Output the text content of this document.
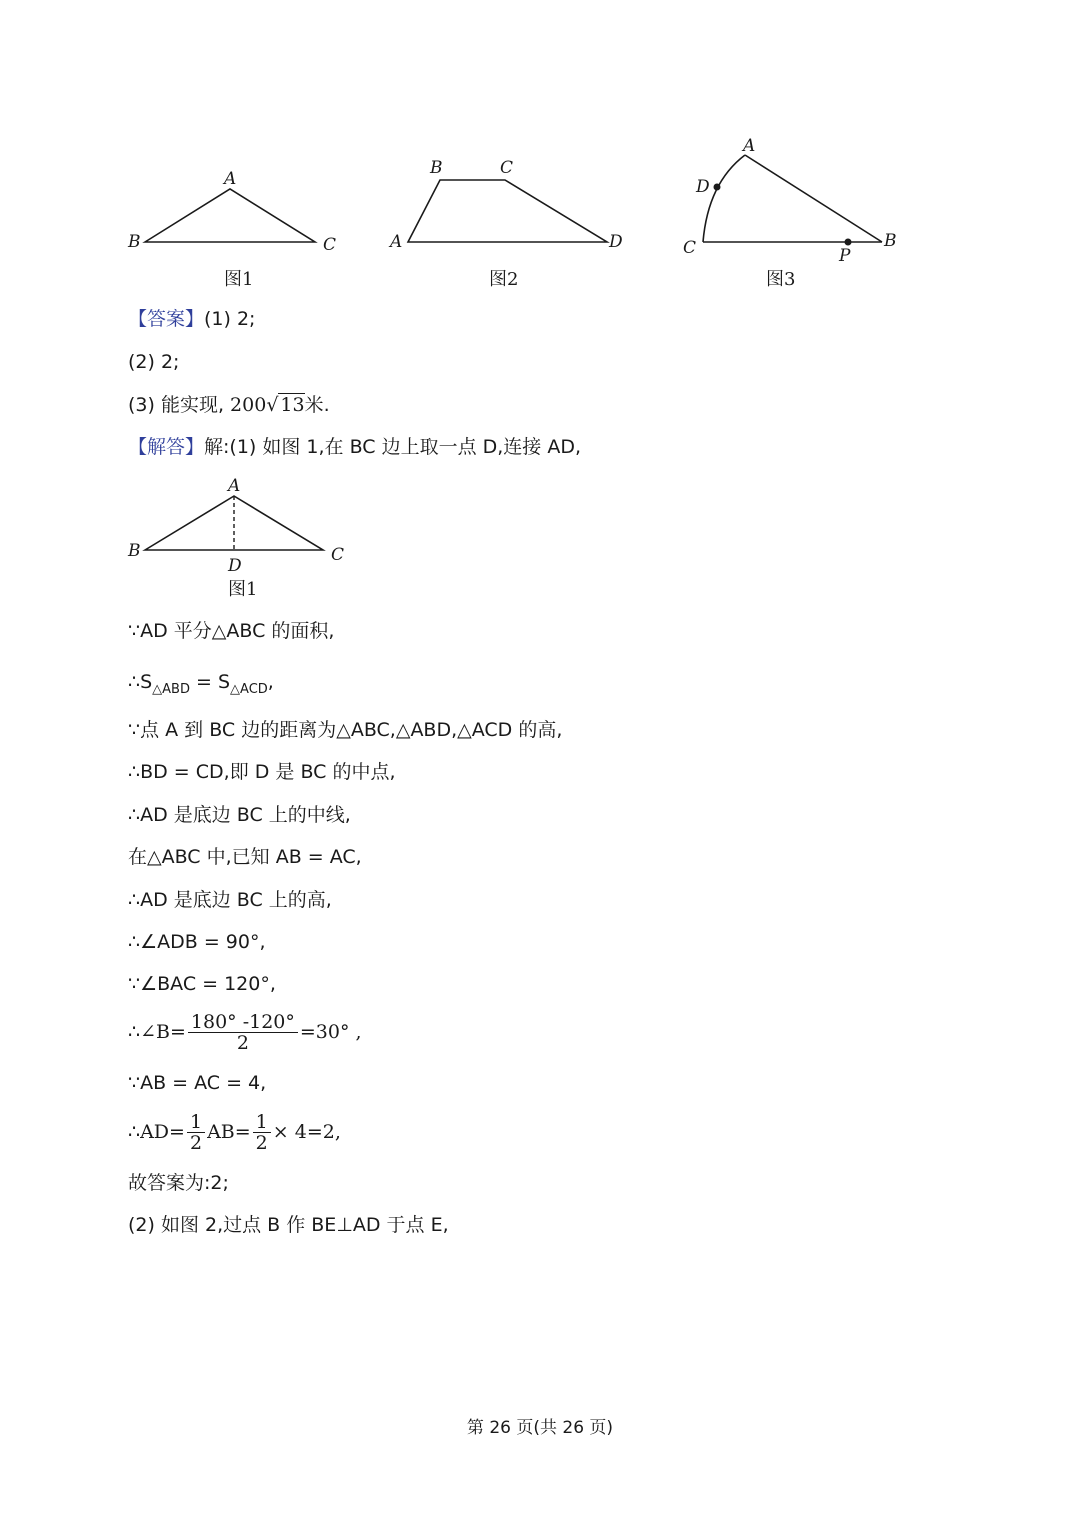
A
B	C
图1
B	C
A	D
图2
A
D
C	B
P
图3
【答案】(1) 2;
(2) 2;
(3) 能实现, 200√ 13米.
【解答】解:(1) 如图 1,在 BC 边上取一点 D,连接 AD,
A
B	C
D
图1
∵AD 平分△ABC 的面积,
$\therefore S_{\triangle ABD} = S_{\triangle ACD}$,
∵点 A 到 BC 边的距离为△ABC,△ABD,△ACD 的高,
∴BD = CD,即 D 是 BC 的中点,
∴AD 是底边 BC 上的中线,
在△ABC 中,已知 AB = AC,
∴AD 是底边 BC 上的高,
∴∠ADB = 90°,
∵∠BAC = 120°,
∴∠B= $\frac{180^\circ -120^\circ}{2} =30^\circ$ ,
∵AB = AC = 4,
∴AD= $\frac{1}{2} AB= \frac{1}{2} \times 4=2$,
故答案为:2;
(2) 如图 2,过点 B 作 BE⊥AD 于点 E,
第 26 页(共 26 页)
